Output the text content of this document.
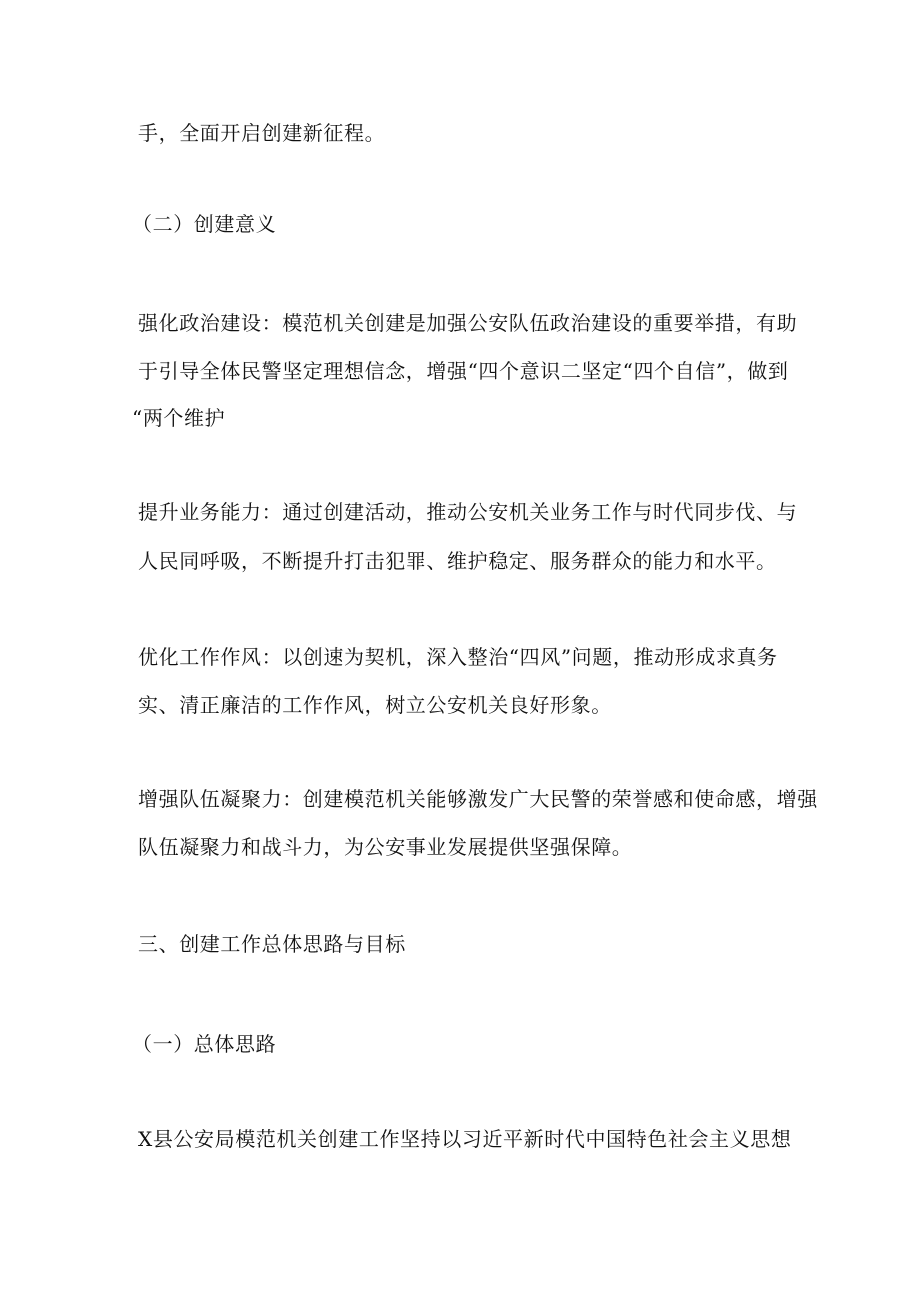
手，全面开启创建新征程。
（二）创建意义
强化政治建设：模范机关创建是加强公安队伍政治建设的重要举措，有助
于引导全体民警坚定理想信念，增强“四个意识二坚定“四个自信”，做到
“两个维护
提升业务能力：通过创建活动，推动公安机关业务工作与时代同步伐、与
人民同呼吸，不断提升打击犯罪、维护稳定、服务群众的能力和水平。
优化工作作风：以创速为契机，深入整治“四风”问题，推动形成求真务
实、清正廉洁的工作作风，树立公安机关良好形象。
增强队伍凝聚力：创建模范机关能够激发广大民警的荣誉感和使命感，增强
队伍凝聚力和战斗力，为公安事业发展提供坚强保障。
三、创建工作总体思路与目标
（一）总体思路
X县公安局模范机关创建工作坚持以习近平新时代中国特色社会主义思想
